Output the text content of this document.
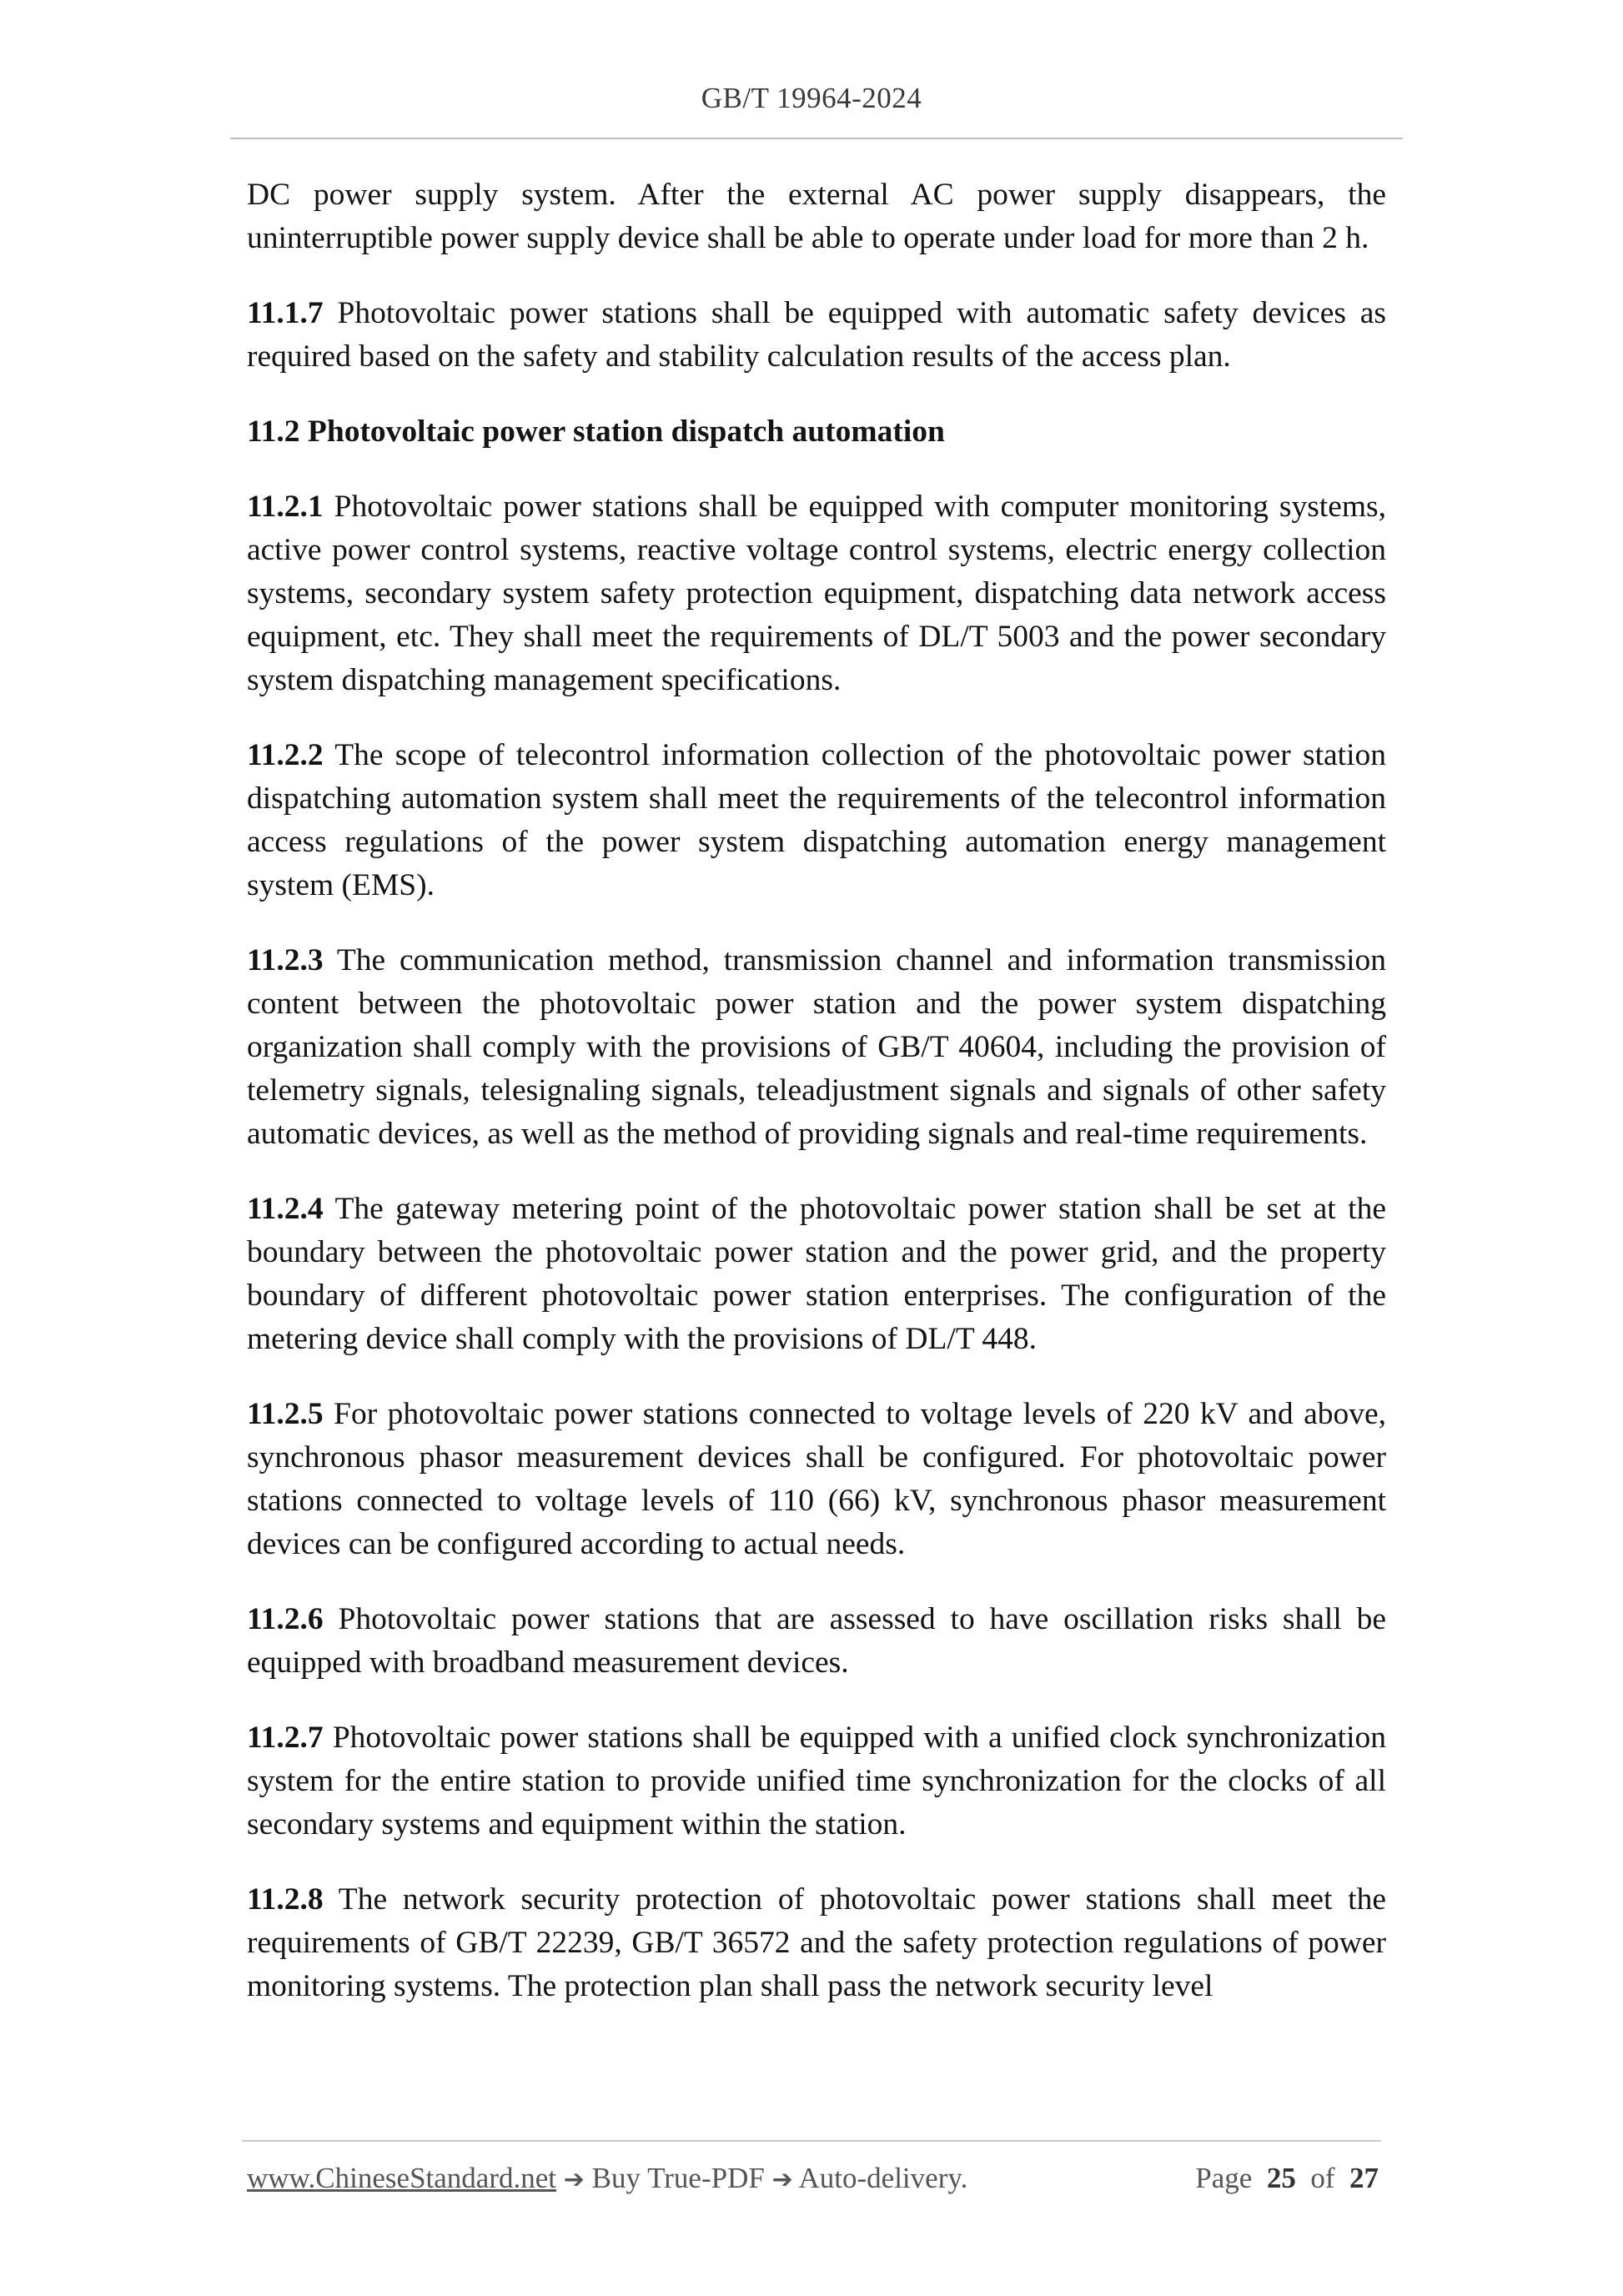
GB/T 19964-2024

DC power supply system. After the external AC power supply disappears, the uninterruptible power supply device shall be able to operate under load for more than 2 h.

11.1.7 Photovoltaic power stations shall be equipped with automatic safety devices as required based on the safety and stability calculation results of the access plan.

11.2 Photovoltaic power station dispatch automation

11.2.1 Photovoltaic power stations shall be equipped with computer monitoring systems, active power control systems, reactive voltage control systems, electric energy collection systems, secondary system safety protection equipment, dispatching data network access equipment, etc. They shall meet the requirements of DL/T 5003 and the power secondary system dispatching management specifications.

11.2.2 The scope of telecontrol information collection of the photovoltaic power station dispatching automation system shall meet the requirements of the telecontrol information access regulations of the power system dispatching automation energy management system (EMS).

11.2.3 The communication method, transmission channel and information transmission content between the photovoltaic power station and the power system dispatching organization shall comply with the provisions of GB/T 40604, including the provision of telemetry signals, telesignaling signals, teleadjustment signals and signals of other safety automatic devices, as well as the method of providing signals and real-time requirements.

11.2.4 The gateway metering point of the photovoltaic power station shall be set at the boundary between the photovoltaic power station and the power grid, and the property boundary of different photovoltaic power station enterprises. The configuration of the metering device shall comply with the provisions of DL/T 448.

11.2.5 For photovoltaic power stations connected to voltage levels of 220 kV and above, synchronous phasor measurement devices shall be configured. For photovoltaic power stations connected to voltage levels of 110 (66) kV, synchronous phasor measurement devices can be configured according to actual needs.

11.2.6 Photovoltaic power stations that are assessed to have oscillation risks shall be equipped with broadband measurement devices.

11.2.7 Photovoltaic power stations shall be equipped with a unified clock synchronization system for the entire station to provide unified time synchronization for the clocks of all secondary systems and equipment within the station.

11.2.8 The network security protection of photovoltaic power stations shall meet the requirements of GB/T 22239, GB/T 36572 and the safety protection regulations of power monitoring systems. The protection plan shall pass the network security level

www.ChineseStandard.net ➔ Buy True-PDF ➔ Auto-delivery.	Page 25 of 27
